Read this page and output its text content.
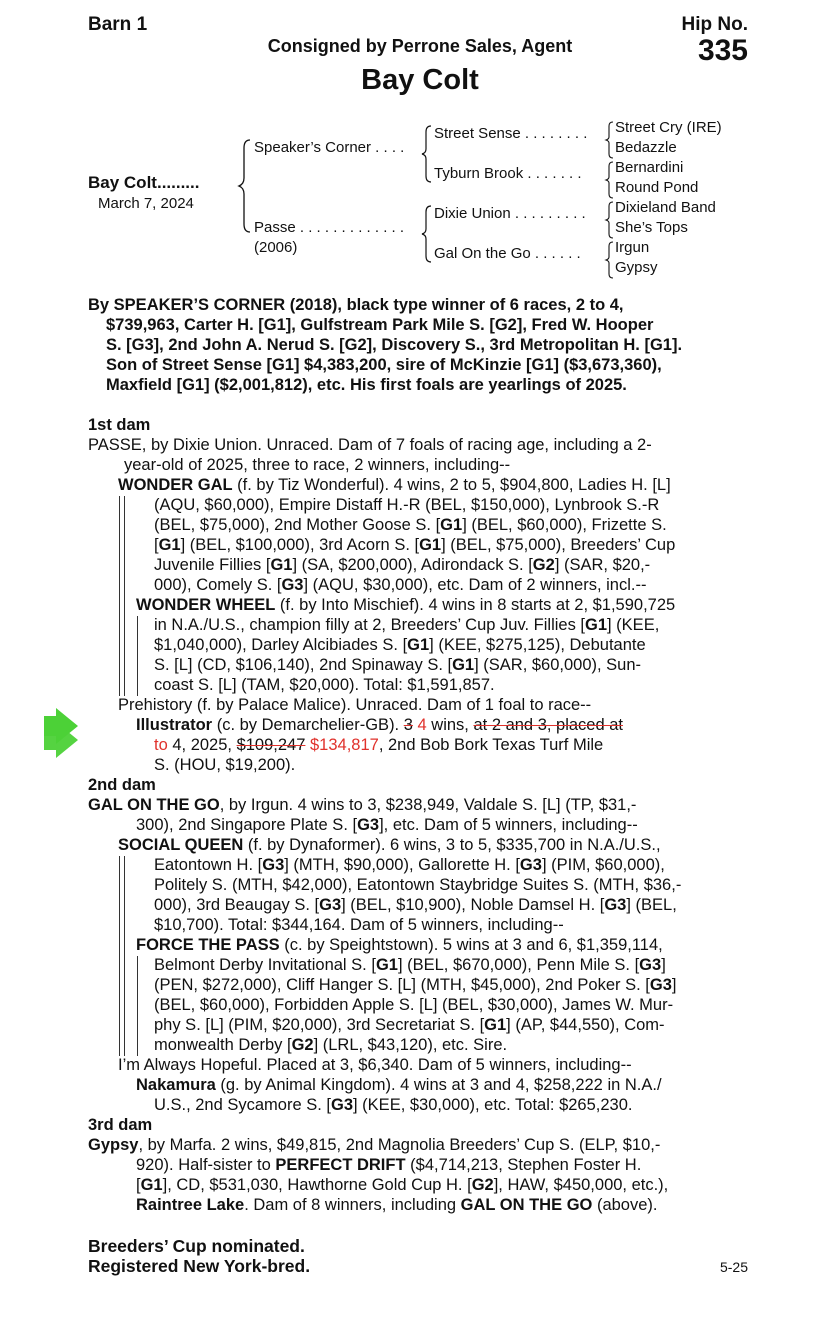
Barn 1	Hip No.
335
Consigned by Perrone Sales, Agent
Bay Colt
Bay Colt.........
March 7, 2024
Speaker’s Corner . . . .
Passe . . . . . . . . . . . . .
(2006)
Street Sense . . . . . . . .
Tyburn Brook . . . . . . .
Dixie Union . . . . . . . . .
Gal On the Go . . . . . .
Street Cry (IRE)
Bedazzle
Bernardini
Round Pond
Dixieland Band
She’s Tops
Irgun
Gypsy
By SPEAKER’S CORNER (2018), black type winner of 6 races, 2 to 4,
$739,963, Carter H. [G1], Gulfstream Park Mile S. [G2], Fred W. Hooper
S. [G3], 2nd John A. Nerud S. [G2], Discovery S., 3rd Metropolitan H. [G1].
Son of Street Sense [G1] $4,383,200, sire of McKinzie [G1] ($3,673,360),
Maxfield [G1] ($2,001,812), etc. His first foals are yearlings of 2025.
1st dam
PASSE, by Dixie Union. Unraced. Dam of 7 foals of racing age, including a 2-
year-old of 2025, three to race, 2 winners, including--
WONDER GAL (f. by Tiz Wonderful). 4 wins, 2 to 5, $904,800, Ladies H. [L]
(AQU, $60,000), Empire Distaff H.-R (BEL, $150,000), Lynbrook S.-R
(BEL, $75,000), 2nd Mother Goose S. [G1] (BEL, $60,000), Frizette S.
[G1] (BEL, $100,000), 3rd Acorn S. [G1] (BEL, $75,000), Breeders’ Cup
Juvenile Fillies [G1] (SA, $200,000), Adirondack S. [G2] (SAR, $20,-
000), Comely S. [G3] (AQU, $30,000), etc. Dam of 2 winners, incl.--
WONDER WHEEL (f. by Into Mischief). 4 wins in 8 starts at 2, $1,590,725
in N.A./U.S., champion filly at 2, Breeders’ Cup Juv. Fillies [G1] (KEE,
$1,040,000), Darley Alcibiades S. [G1] (KEE, $275,125), Debutante
S. [L] (CD, $106,140), 2nd Spinaway S. [G1] (SAR, $60,000), Sun-
coast S. [L] (TAM, $20,000). Total: $1,591,857.
Prehistory (f. by Palace Malice). Unraced. Dam of 1 foal to race--
Illustrator (c. by Demarchelier-GB). 3 4 wins, at 2 and 3, placed at
to 4, 2025, $109,247 $134,817, 2nd Bob Bork Texas Turf Mile
S. (HOU, $19,200).
2nd dam
GAL ON THE GO, by Irgun. 4 wins to 3, $238,949, Valdale S. [L] (TP, $31,-
300), 2nd Singapore Plate S. [G3], etc. Dam of 5 winners, including--
SOCIAL QUEEN (f. by Dynaformer). 6 wins, 3 to 5, $335,700 in N.A./U.S.,
Eatontown H. [G3] (MTH, $90,000), Gallorette H. [G3] (PIM, $60,000),
Politely S. (MTH, $42,000), Eatontown Staybridge Suites S. (MTH, $36,-
000), 3rd Beaugay S. [G3] (BEL, $10,900), Noble Damsel H. [G3] (BEL,
$10,700). Total: $344,164. Dam of 5 winners, including--
FORCE THE PASS (c. by Speightstown). 5 wins at 3 and 6, $1,359,114,
Belmont Derby Invitational S. [G1] (BEL, $670,000), Penn Mile S. [G3]
(PEN, $272,000), Cliff Hanger S. [L] (MTH, $45,000), 2nd Poker S. [G3]
(BEL, $60,000), Forbidden Apple S. [L] (BEL, $30,000), James W. Mur-
phy S. [L] (PIM, $20,000), 3rd Secretariat S. [G1] (AP, $44,550), Com-
monwealth Derby [G2] (LRL, $43,120), etc. Sire.
I’m Always Hopeful. Placed at 3, $6,340. Dam of 5 winners, including--
Nakamura (g. by Animal Kingdom). 4 wins at 3 and 4, $258,222 in N.A./
U.S., 2nd Sycamore S. [G3] (KEE, $30,000), etc. Total: $265,230.
3rd dam
Gypsy, by Marfa. 2 wins, $49,815, 2nd Magnolia Breeders’ Cup S. (ELP, $10,-
920). Half-sister to PERFECT DRIFT ($4,714,213, Stephen Foster H.
[G1], CD, $531,030, Hawthorne Gold Cup H. [G2], HAW, $450,000, etc.),
Raintree Lake. Dam of 8 winners, including GAL ON THE GO (above).
Breeders’ Cup nominated.
Registered New York-bred.	5-25
